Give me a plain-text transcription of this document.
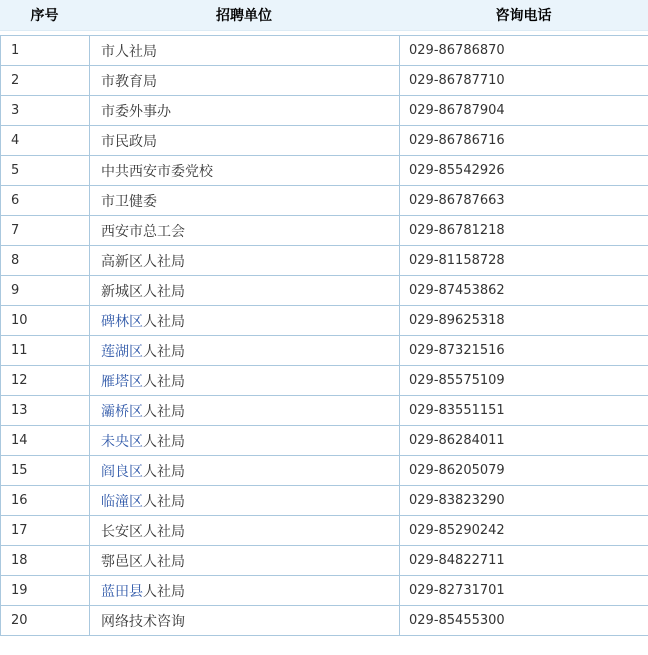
序号	招聘单位	咨询电话
1	市人社局	029-86786870
2	市教育局	029-86787710
3	市委外事办	029-86787904
4	市民政局	029-86786716
5	中共西安市委党校	029-85542926
6	市卫健委	029-86787663
7	西安市总工会	029-86781218
8	高新区人社局	029-81158728
9	新城区人社局	029-87453862
10	碑林区人社局	029-89625318
11	莲湖区人社局	029-87321516
12	雁塔区人社局	029-85575109
13	灞桥区人社局	029-83551151
14	未央区人社局	029-86284011
15	阎良区人社局	029-86205079
16	临潼区人社局	029-83823290
17	长安区人社局	029-85290242
18	鄠邑区人社局	029-84822711
19	蓝田县人社局	029-82731701
20	网络技术咨询	029-85455300
